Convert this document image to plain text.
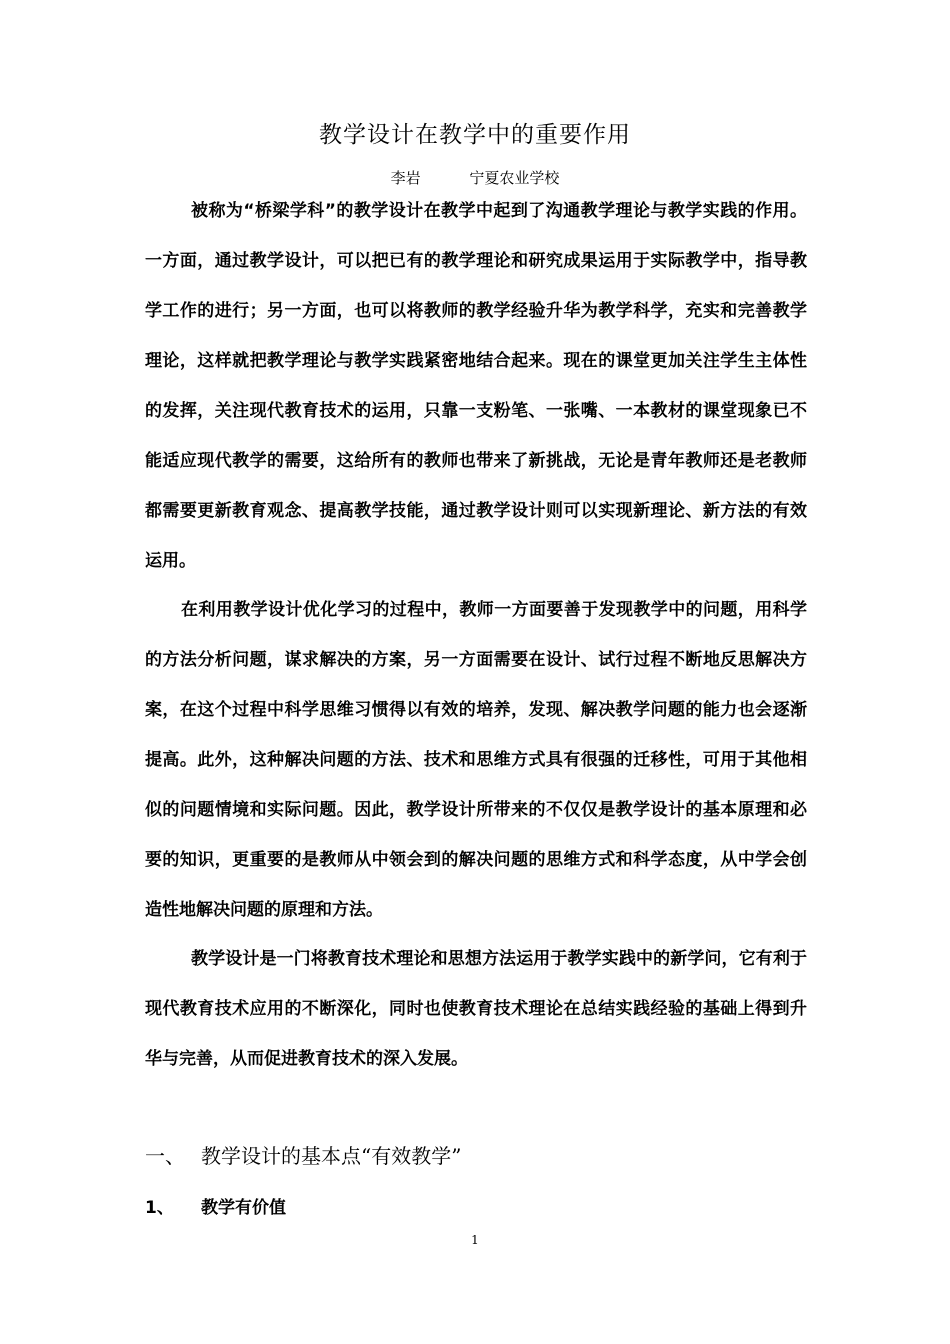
教学设计在教学中的重要作用
李岩	宁夏农业学校

被称为“桥梁学科”的教学设计在教学中起到了沟通教学理论与教学实践的作用。一方面，通过教学设计，可以把已有的教学理论和研究成果运用于实际教学中，指导教学工作的进行；另一方面，也可以将教师的教学经验升华为教学科学，充实和完善教学理论，这样就把教学理论与教学实践紧密地结合起来。现在的课堂更加关注学生主体性的发挥，关注现代教育技术的运用，只靠一支粉笔、一张嘴、一本教材的课堂现象已不能适应现代教学的需要，这给所有的教师也带来了新挑战，无论是青年教师还是老教师都需要更新教育观念、提高教学技能，通过教学设计则可以实现新理论、新方法的有效运用。

在利用教学设计优化学习的过程中，教师一方面要善于发现教学中的问题，用科学的方法分析问题，谋求解决的方案，另一方面需要在设计、试行过程不断地反思解决方案，在这个过程中科学思维习惯得以有效的培养，发现、解决教学问题的能力也会逐渐提高。此外，这种解决问题的方法、技术和思维方式具有很强的迁移性，可用于其他相似的问题情境和实际问题。因此，教学设计所带来的不仅仅是教学设计的基本原理和必要的知识，更重要的是教师从中领会到的解决问题的思维方式和科学态度，从中学会创造性地解决问题的原理和方法。

教学设计是一门将教育技术理论和思想方法运用于教学实践中的新学问，它有利于现代教育技术应用的不断深化，同时也使教育技术理论在总结实践经验的基础上得到升华与完善，从而促进教育技术的深入发展。

一、 教学设计的基本点“有效教学”
1、 教学有价值
1
